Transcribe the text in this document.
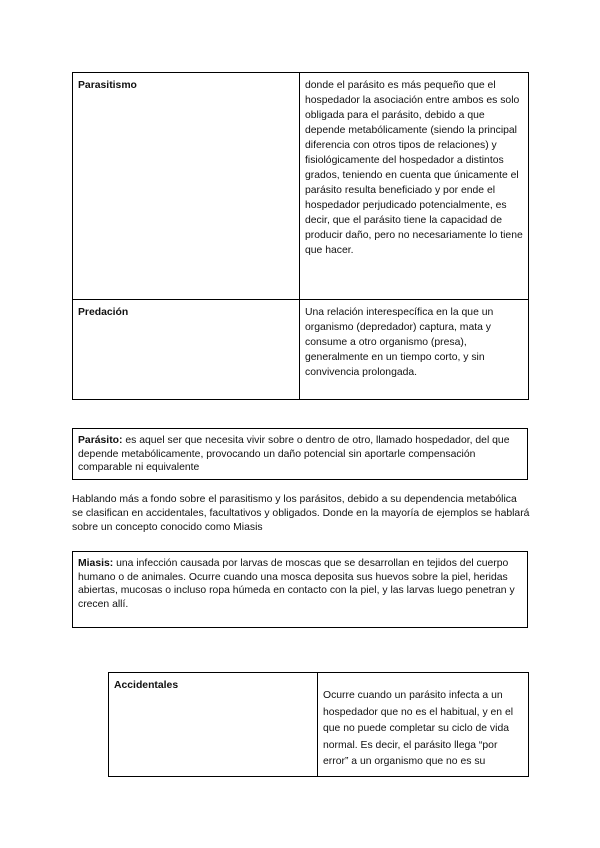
Parasitismo	donde el parásito es más pequeño que el hospedador la asociación entre ambos es solo obligada para el parásito, debido a que depende metabólicamente (siendo la principal diferencia con otros tipos de relaciones) y fisiológicamente del hospedador a distintos grados, teniendo en cuenta que únicamente el parásito resulta beneficiado y por ende el hospedador perjudicado potencialmente, es decir, que el parásito tiene la capacidad de producir daño, pero no necesariamente lo tiene que hacer.
Predación	Una relación interespecífica en la que un organismo (depredador) captura, mata y consume a otro organismo (presa), generalmente en un tiempo corto, y sin convivencia prolongada.
Parásito: es aquel ser que necesita vivir sobre o dentro de otro, llamado hospedador, del que depende metabólicamente, provocando un daño potencial sin aportarle compensación comparable ni equivalente
Hablando más a fondo sobre el parasitismo y los parásitos, debido a su dependencia metabólica se clasifican en accidentales, facultativos y obligados. Donde en la mayoría de ejemplos se hablará sobre un concepto conocido como Miasis
Miasis: una infección causada por larvas de moscas que se desarrollan en tejidos del cuerpo humano o de animales. Ocurre cuando una mosca deposita sus huevos sobre la piel, heridas abiertas, mucosas o incluso ropa húmeda en contacto con la piel, y las larvas luego penetran y crecen allí.
Accidentales	Ocurre cuando un parásito infecta a un hospedador que no es el habitual, y en el que no puede completar su ciclo de vida normal. Es decir, el parásito llega “por error” a un organismo que no es su
